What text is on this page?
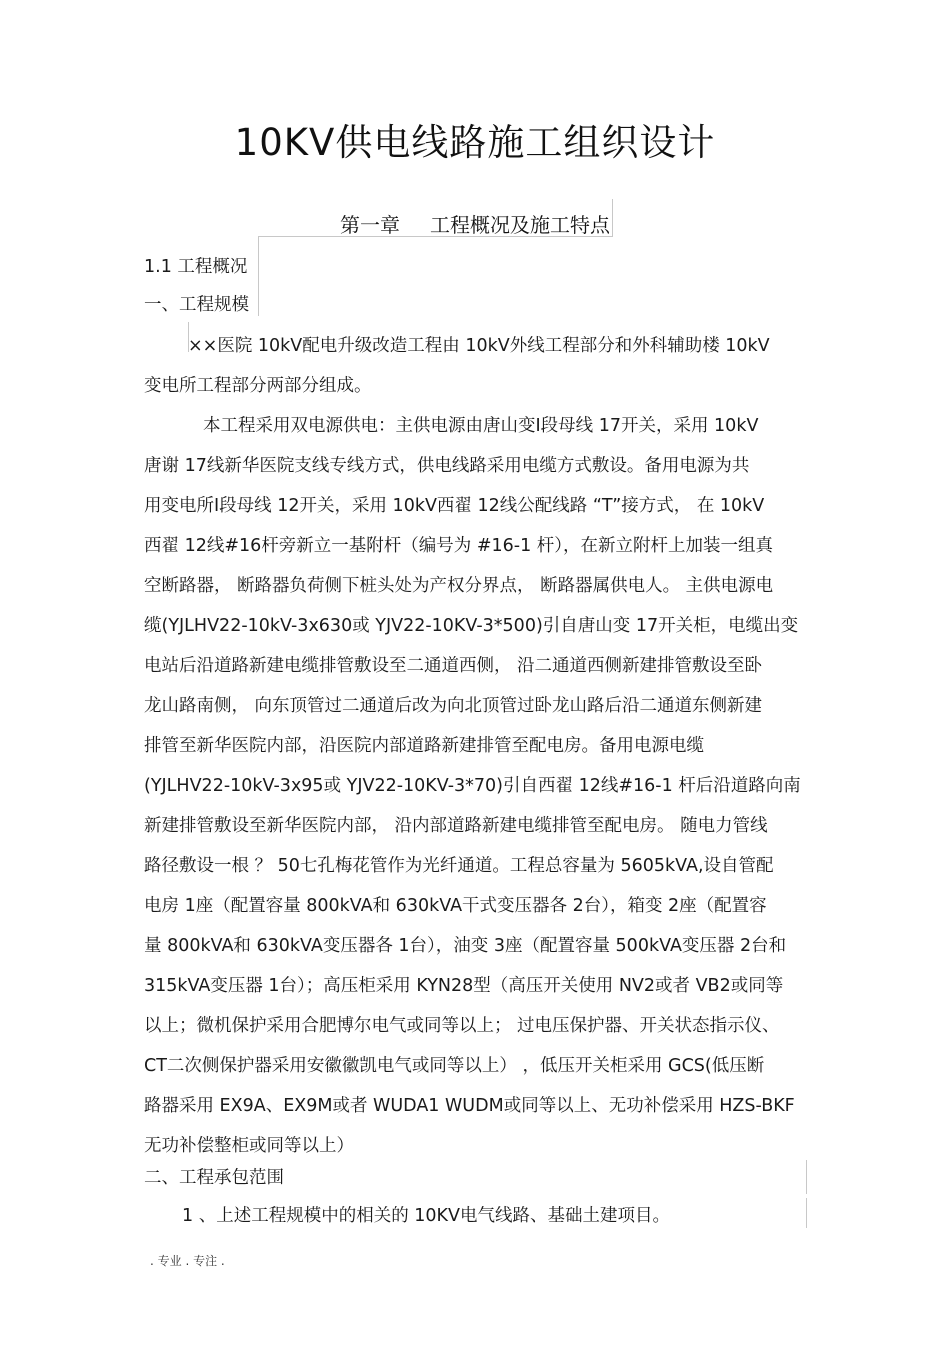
10KV供电线路施工组织设计
第一章 工程概况及施工特点
1.1 工程概况
一、工程规模
××医院 10kV配电升级改造工程由 10kV外线工程部分和外科辅助楼 10kV
变电所工程部分两部分组成。
本工程采用双电源供电：主供电源由唐山变Ⅰ段母线 17开关，采用 10kV
唐谢 17线新华医院支线专线方式，供电线路采用电缆方式敷设。备用电源为共
用变电所Ⅰ段母线 12开关，采用 10kV西翟 12线公配线路 “T”接方式， 在 10kV
西翟 12线#16杆旁新立一基附杆（编号为 #16-1 杆），在新立附杆上加装一组真
空断路器， 断路器负荷侧下桩头处为产权分界点， 断路器属供电人。 主供电源电
缆(YJLHV22-10kV-3x630或 YJV22-10KV-3*500)引自唐山变 17开关柜，电缆出变
电站后沿道路新建电缆排管敷设至二通道西侧， 沿二通道西侧新建排管敷设至卧
龙山路南侧， 向东顶管过二通道后改为向北顶管过卧龙山路后沿二通道东侧新建
排管至新华医院内部，沿医院内部道路新建排管至配电房。备用电源电缆
(YJLHV22-10kV-3x95或 YJV22-10KV-3*70)引自西翟 12线#16-1 杆后沿道路向南
新建排管敷设至新华医院内部， 沿内部道路新建电缆排管至配电房。 随电力管线
路径敷设一根 ？ 50七孔梅花管作为光纤通道。工程总容量为 5605kVA,设自管配
电房 1座（配置容量 800kVA和 630kVA干式变压器各 2台），箱变 2座（配置容
量 800kVA和 630kVA变压器各 1台），油变 3座（配置容量 500kVA变压器 2台和
315kVA变压器 1台）；高压柜采用 KYN28型（高压开关使用 NV2或者 VB2或同等
以上；微机保护采用合肥博尔电气或同等以上； 过电压保护器、开关状态指示仪、
CT二次侧保护器采用安徽徽凯电气或同等以上） ，低压开关柜采用 GCS(低压断
路器采用 EX9A、EX9M或者 WUDA1 WUDM或同等以上、无功补偿采用 HZS-BKF
无功补偿整柜或同等以上）
二、工程承包范围
1 、上述工程规模中的相关的 10KV电气线路、基础土建项目。
. 专业 . 专注 .
